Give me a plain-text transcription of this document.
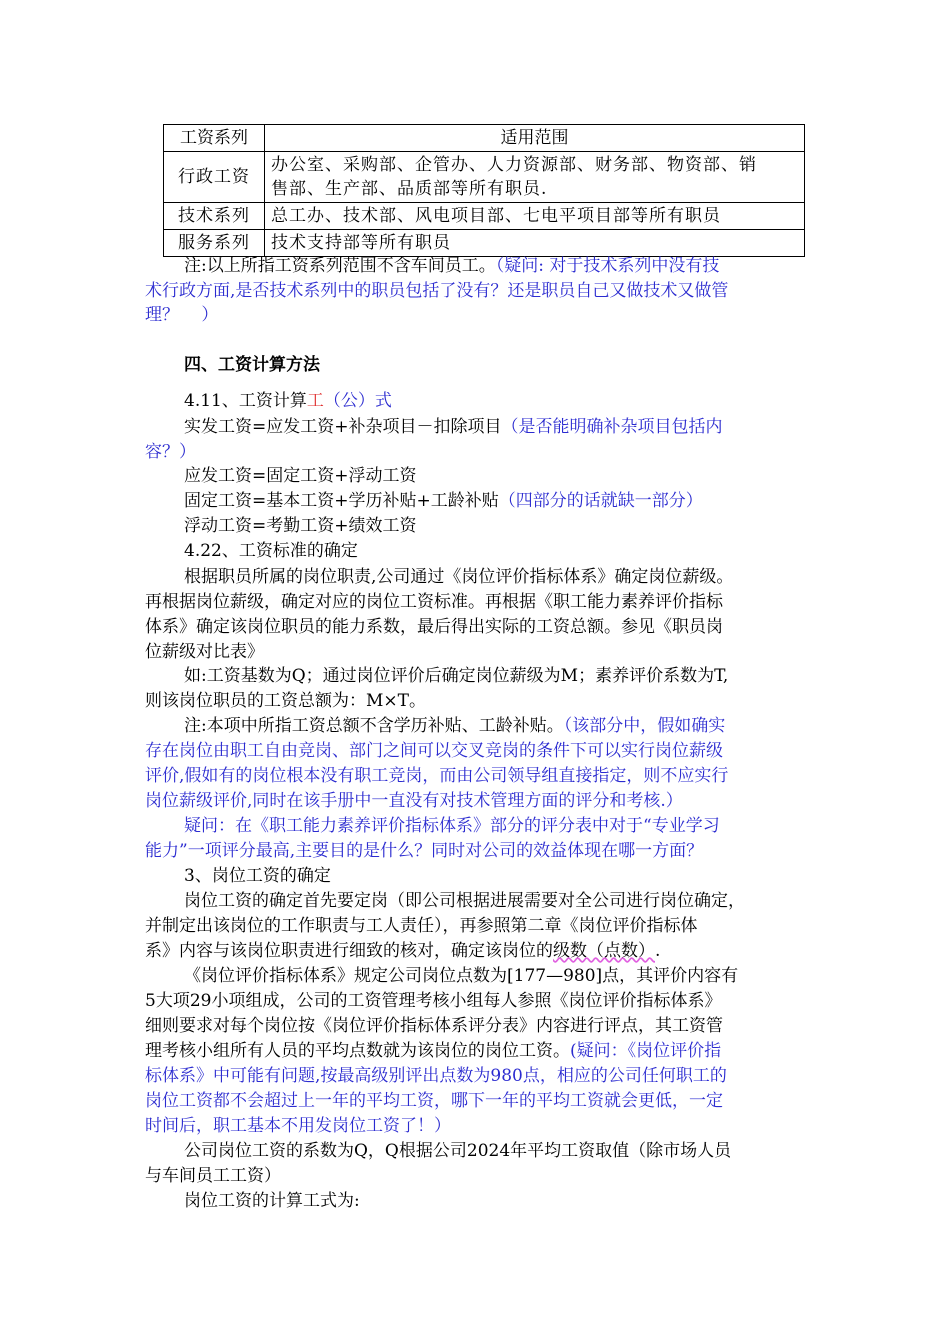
工资系列	适用范围
行政工资	办公室、采购部、企管办、人力资源部、财务部、物资部、销
售部、生产部、品质部等所有职员.
技术系列	总工办、技术部、风电项目部、七电平项目部等所有职员
服务系列	技术支持部等所有职员
注:以上所指工资系列范围不含车间员工。（疑问: 对于技术系列中没有技
术行政方面,是否技术系列中的职员包括了没有？还是职员自己又做技术又做管
理？　 ）
四、工资计算方法
4.11、工资计算工（公）式
实发工资=应发工资+补杂项目－扣除项目（是否能明确补杂项目包括内
容？）
应发工资=固定工资+浮动工资
固定工资=基本工资+学历补贴+工龄补贴（四部分的话就缺一部分）
浮动工资=考勤工资+绩效工资
4.22、工资标准的确定
根据职员所属的岗位职责,公司通过《岗位评价指标体系》确定岗位薪级。
再根据岗位薪级，确定对应的岗位工资标准。再根据《职工能力素养评价指标
体系》确定该岗位职员的能力系数，最后得出实际的工资总额。参见《职员岗
位薪级对比表》
如:工资基数为Q；通过岗位评价后确定岗位薪级为M；素养评价系数为T,
则该岗位职员的工资总额为：M×T。
注:本项中所指工资总额不含学历补贴、工龄补贴。（该部分中，假如确实
存在岗位由职工自由竞岗、部门之间可以交叉竞岗的条件下可以实行岗位薪级
评价,假如有的岗位根本没有职工竞岗，而由公司领导组直接指定，则不应实行
岗位薪级评价,同时在该手册中一直没有对技术管理方面的评分和考核.）
疑问：在《职工能力素养评价指标体系》部分的评分表中对于“专业学习
能力”一项评分最高,主要目的是什么？同时对公司的效益体现在哪一方面？
3、岗位工资的确定
岗位工资的确定首先要定岗（即公司根据进展需要对全公司进行岗位确定，
并制定出该岗位的工作职责与工人责任），再参照第二章《岗位评价指标体
系》内容与该岗位职责进行细致的核对，确定该岗位的级数（点数）.
《岗位评价指标体系》规定公司岗位点数为[177—980]点，其评价内容有
5大项29小项组成，公司的工资管理考核小组每人参照《岗位评价指标体系》
细则要求对每个岗位按《岗位评价指标体系评分表》内容进行评点，其工资管
理考核小组所有人员的平均点数就为该岗位的岗位工资。(疑问：《岗位评价指
标体系》中可能有问题,按最高级别评出点数为980点，相应的公司任何职工的
岗位工资都不会超过上一年的平均工资，哪下一年的平均工资就会更低，一定
时间后，职工基本不用发岗位工资了！）
公司岗位工资的系数为Q，Q根据公司2024年平均工资取值（除市场人员
与车间员工工资）
岗位工资的计算工式为:
